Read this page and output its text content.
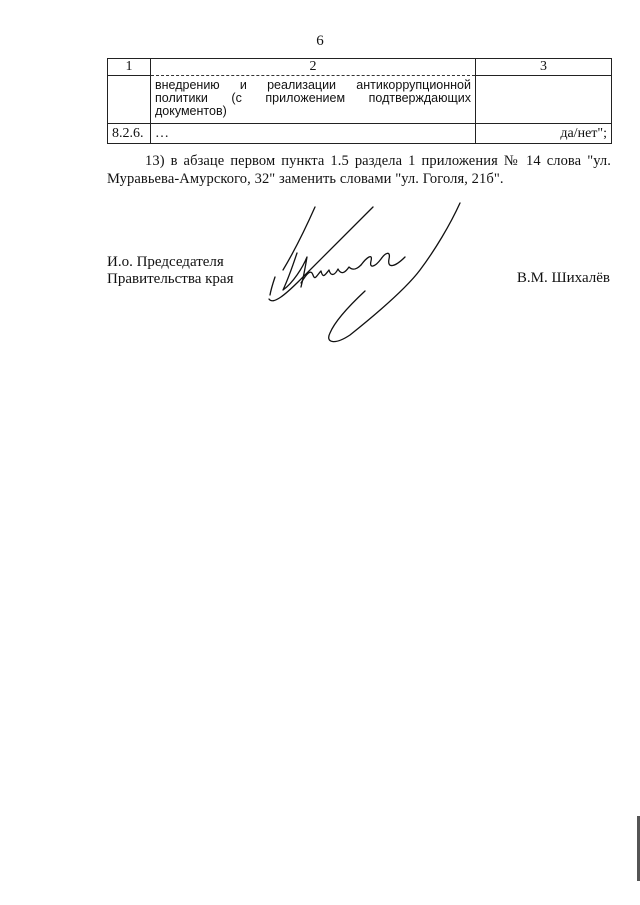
6
1	2	3
	внедрению и реализации антикоррупционной политики (с приложением подтверждающих документов)	
8.2.6.	…	да/нет";

13) в абзаце первом пункта 1.5 раздела 1 приложения № 14 слова "ул. Муравьева-Амурского, 32" заменить словами "ул. Гоголя, 21б".

И.о. Председателя
Правительства края	В.М. Шихалёв
